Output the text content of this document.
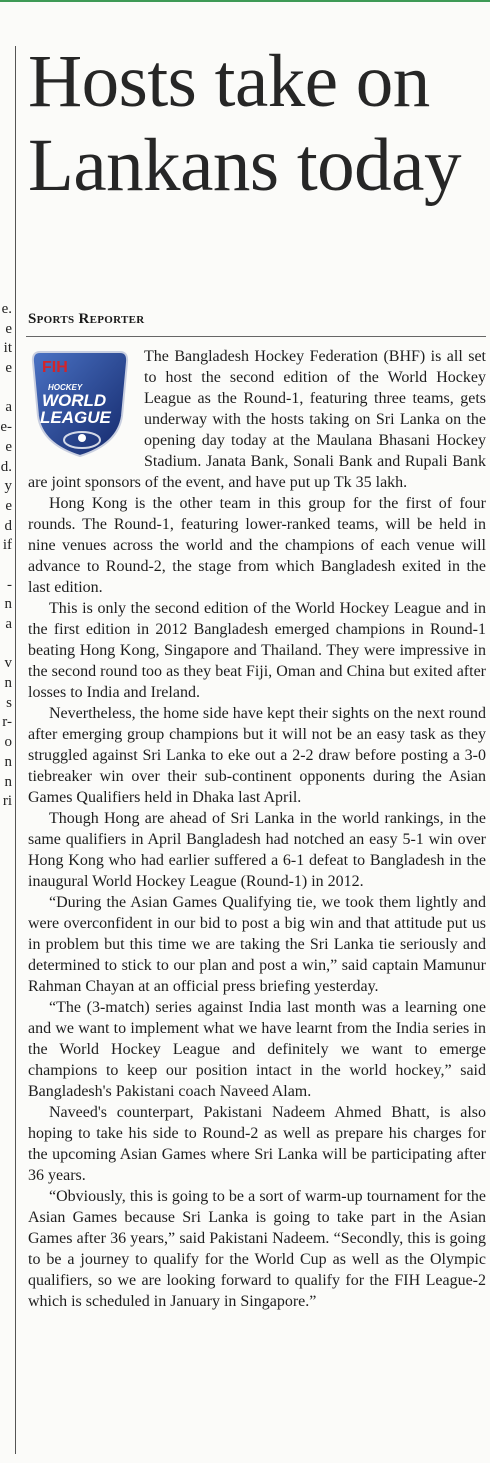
e.
e
it
e
a
e-
e
d.
y
e
d
if
-
n
a
v
n
s
r-
o
n
n
ri
Hosts take on Lankans today
Sports Reporter
FIH
HOCKEY
WORLD
LEAGUE

The Bangladesh Hockey Federation (BHF) is all set to host the second edition of the World Hockey League as the Round-1, featuring three teams, gets underway with the hosts taking on Sri Lanka on the opening day today at the Maulana Bhasani Hockey Stadium. Janata Bank, Sonali Bank and Rupali Bank are joint sponsors of the event, and have put up Tk 35 lakh.

Hong Kong is the other team in this group for the first of four rounds. The Round-1, featuring lower-ranked teams, will be held in nine venues across the world and the champions of each venue will advance to Round-2, the stage from which Bangladesh exited in the last edition.

This is only the second edition of the World Hockey League and in the first edition in 2012 Bangladesh emerged champions in Round-1 beating Hong Kong, Singapore and Thailand. They were impressive in the second round too as they beat Fiji, Oman and China but exited after losses to India and Ireland.

Nevertheless, the home side have kept their sights on the next round after emerging group champions but it will not be an easy task as they struggled against Sri Lanka to eke out a 2-2 draw before posting a 3-0 tiebreaker win over their sub-continent opponents during the Asian Games Qualifiers held in Dhaka last April.

Though Hong are ahead of Sri Lanka in the world rankings, in the same qualifiers in April Bangladesh had notched an easy 5-1 win over Hong Kong who had earlier suffered a 6-1 defeat to Bangladesh in the inaugural World Hockey League (Round-1) in 2012.

“During the Asian Games Qualifying tie, we took them lightly and were overconfident in our bid to post a big win and that attitude put us in problem but this time we are taking the Sri Lanka tie seriously and determined to stick to our plan and post a win,” said captain Mamunur Rahman Chayan at an official press briefing yesterday.

“The (3-match) series against India last month was a learning one and we want to implement what we have learnt from the India series in the World Hockey League and definitely we want to emerge champions to keep our position intact in the world hockey,” said Bangladesh's Pakistani coach Naveed Alam.

Naveed's counterpart, Pakistani Nadeem Ahmed Bhatt, is also hoping to take his side to Round-2 as well as prepare his charges for the upcoming Asian Games where Sri Lanka will be participating after 36 years.

“Obviously, this is going to be a sort of warm-up tournament for the Asian Games because Sri Lanka is going to take part in the Asian Games after 36 years,” said Pakistani Nadeem. “Secondly, this is going to be a journey to qualify for the World Cup as well as the Olympic qualifiers, so we are looking forward to qualify for the FIH League-2 which is scheduled in January in Singapore.”
